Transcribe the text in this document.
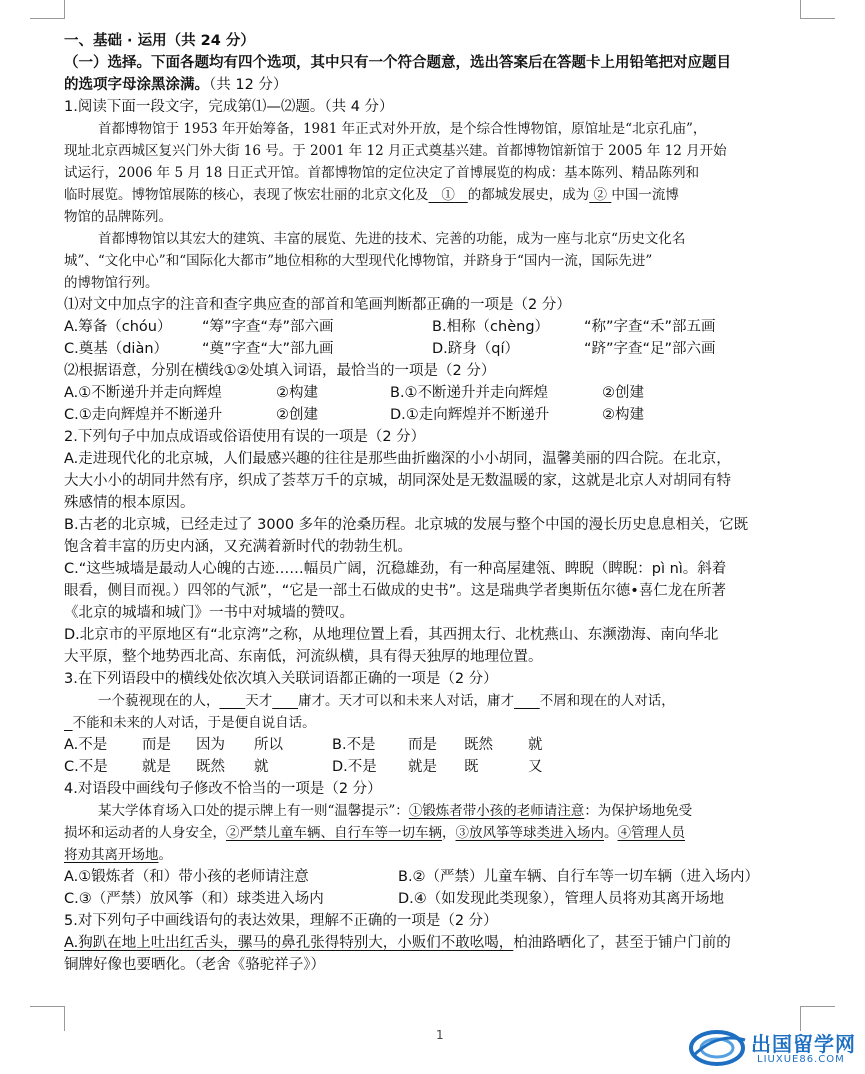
一、基础 · 运用（共 24 分）
（一）选择。下面各题均有四个选项，其中只有一个符合题意，选出答案后在答题卡上用铅笔把对应题目
的选项字母涂黑涂满。（共 12 分）
1.阅读下面一段文字，完成第⑴—⑵题。（共 4 分）
首都博物馆于 1953 年开始筹备，1981 年正式对外开放，是个综合性博物馆，原馆址是“北京孔庙”，
现址北京西城区复兴门外大街 16 号。于 2001 年 12 月正式奠基兴建。首都博物馆新馆于 2005 年 12 月开始
试运行，2006 年 5 月 18 日正式开馆。首都博物馆的定位决定了首博展览的构成：基本陈列、精品陈列和
临时展览。博物馆展陈的核心，表现了恢宏壮丽的北京文化及 ① 的都城发展史，成为 ② 中国一流博
物馆的品牌陈列。
首都博物馆以其宏大的建筑、丰富的展览、先进的技术、完善的功能，成为一座与北京“历史文化名
城”、“文化中心”和“国际化大都市”地位相称的大型现代化博物馆，并跻身于“国内一流，国际先进”
的博物馆行列。
⑴对文中加点字的注音和查字典应查的部首和笔画判断都正确的一项是（2 分）
A.筹备（chóu） “筹”字查“寿”部六画	B.相称（chèng） “称”字查“禾”部五画
C.奠基（diàn） “奠”字查“大”部九画	D.跻身（qí）	“跻”字查“足”部六画
⑵根据语意，分别在横线①②处填入词语，最恰当的一项是（2 分）
A.①不断递升并走向辉煌	②构建	B.①不断递升并走向辉煌	②创建
C.①走向辉煌并不断递升	②创建	D.①走向辉煌并不断递升	②构建
2.下列句子中加点成语或俗语使用有误的一项是（2 分）
A.走进现代化的北京城，人们最感兴趣的往往是那些曲折幽深的小小胡同，温馨美丽的四合院。在北京，
大大小小的胡同井然有序，织成了荟萃万千的京城，胡同深处是无数温暖的家，这就是北京人对胡同有特
殊感情的根本原因。
B.古老的北京城，已经走过了 3000 多年的沧桑历程。北京城的发展与整个中国的漫长历史息息相关，它既
饱含着丰富的历史内涵，又充满着新时代的勃勃生机。
C.“这些城墙是最动人心魄的古迹……幅员广阔，沉稳雄劲，有一种高屋建瓴、睥睨（睥睨：pì nì。斜着
眼看，侧目而视。）四邻的气派”，“它是一部土石做成的史书”。这是瑞典学者奥斯伍尔德•喜仁龙在所著
《北京的城墙和城门》一书中对城墙的赞叹。
D.北京市的平原地区有“北京湾”之称，从地理位置上看，其西拥太行、北枕燕山、东濒渤海、南向华北
大平原，整个地势西北高、东南低，河流纵横，具有得天独厚的地理位置。
3.在下列语段中的横线处依次填入关联词语都正确的一项是（2 分）
一个藐视现在的人， 天才 庸才。天才可以和未来人对话，庸才 不屑和现在的人对话，
不能和未来的人对话，于是便自说自话。
A.不是 而是 因为 所以	B.不是 而是 既然 就
C.不是 就是 既然 就	D.不是 就是 既	又
4.对语段中画线句子修改不恰当的一项是（2 分）
某大学体育场入口处的提示牌上有一则“温馨提示”：①锻炼者带小孩的老师请注意：为保护场地免受
损坏和运动者的人身安全，②严禁儿童车辆、自行车等一切车辆，③放风筝等球类进入场内。④管理人员
将劝其离开场地。
A.①锻炼者（和）带小孩的老师请注意	B.②（严禁）儿童车辆、自行车等一切车辆（进入场内）
C.③（严禁）放风筝（和）球类进入场内	D.④（如发现此类现象），管理人员将劝其离开场地
5.对下列句子中画线语句的表达效果，理解不正确的一项是（2 分）
A.狗趴在地上吐出红舌头，骡马的鼻孔张得特别大，小贩们不敢吆喝，柏油路晒化了，甚至于铺户门前的
铜牌好像也要晒化。（老舍《骆驼祥子》）
1	出国留学网
LIUXUE86.COM
